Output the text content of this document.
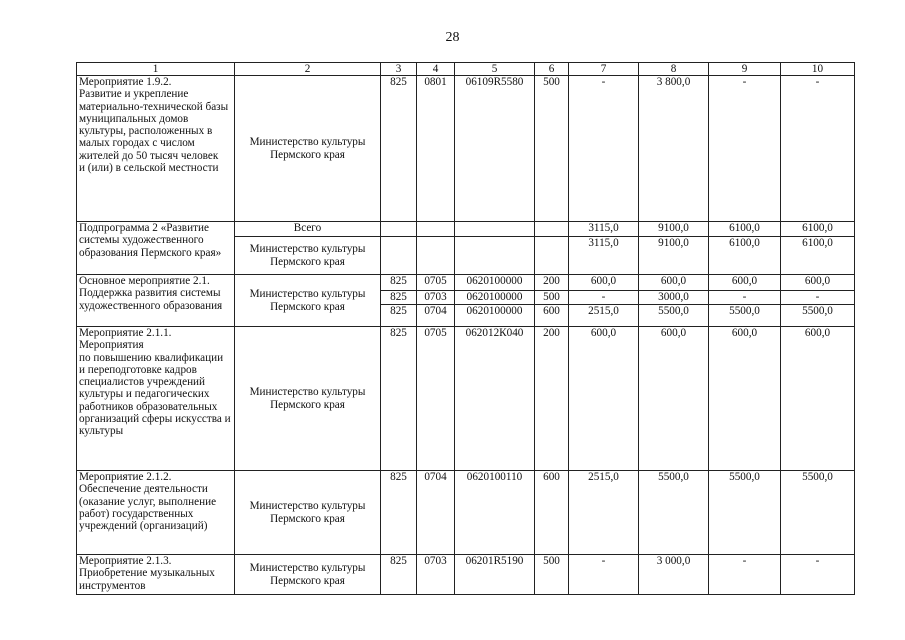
28
1	2	3	4	5	6	7	8	9	10
Мероприятие 1.9.2.
Развитие и укрепление материально-технической базы муниципальных домов культуры, расположенных в малых городах с числом жителей до 50 тысяч человек
и (или) в сельской местности	Министерство культуры Пермского края	825	0801	06109R5580	500	-	3 800,0	-	-
Подпрограмма 2 «Развитие системы художественного образования Пермского края»	Всего					3115,0	9100,0	6100,0	6100,0
	Министерство культуры Пермского края					3115,0	9100,0	6100,0	6100,0
Основное мероприятие 2.1. Поддержка развития системы художественного образования	Министерство культуры Пермского края	825	0705	0620100000	200	600,0	600,0	600,0	600,0
		825	0703	0620100000	500	-	3000,0	-	-
		825	0704	0620100000	600	2515,0	5500,0	5500,0	5500,0
Мероприятие 2.1.1.
Мероприятия
по повышению квалификации
и переподготовке кадров специалистов учреждений культуры и педагогических работников образовательных организаций сферы искусства и культуры	Министерство культуры Пермского края	825	0705	062012К040	200	600,0	600,0	600,0	600,0
Мероприятие 2.1.2.
Обеспечение деятельности (оказание услуг, выполнение работ) государственных учреждений (организаций)	Министерство культуры Пермского края	825	0704	0620100110	600	2515,0	5500,0	5500,0	5500,0
Мероприятие 2.1.3.
Приобретение музыкальных инструментов	Министерство культуры Пермского края	825	0703	06201R5190	500	-	3 000,0	-	-
